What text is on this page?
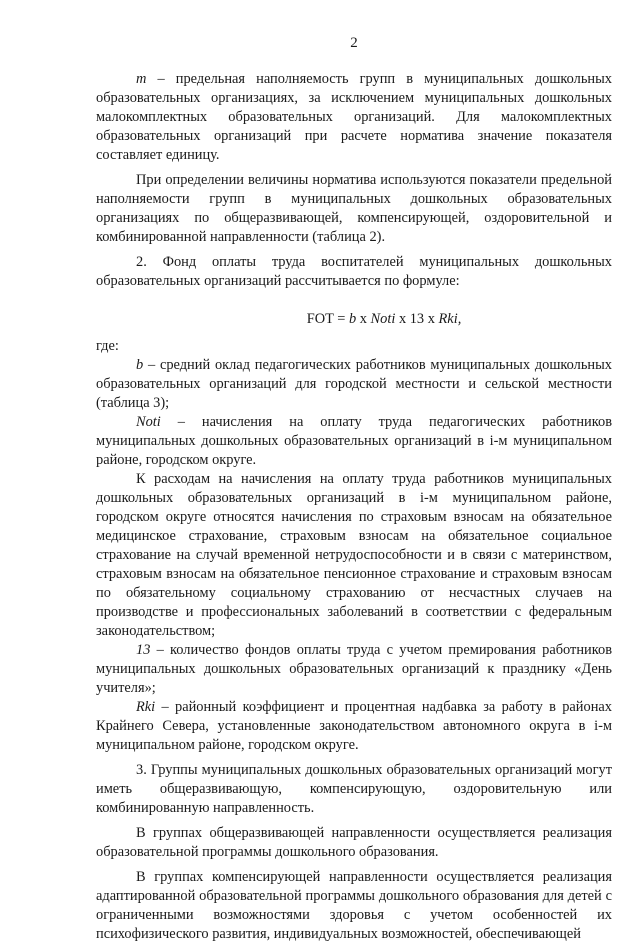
2

m – предельная наполняемость групп в муниципальных дошкольных образовательных организациях, за исключением муниципальных дошкольных малокомплектных образовательных организаций. Для малокомплектных образовательных организаций при расчете норматива значение показателя составляет единицу.

При определении величины норматива используются показатели предельной наполняемости групп в муниципальных дошкольных образовательных организациях по общеразвивающей, компенсирующей, оздоровительной и комбинированной направленности (таблица 2).

2. Фонд оплаты труда воспитателей муниципальных дошкольных образовательных организаций рассчитывается по формуле:

FOT = b x Noti x 13 x Rki,

где:

b – средний оклад педагогических работников муниципальных дошкольных образовательных организаций для городской местности и сельской местности (таблица 3);

Noti – начисления на оплату труда педагогических работников муниципальных дошкольных образовательных организаций в i-м муниципальном районе, городском округе.

К расходам на начисления на оплату труда работников муниципальных дошкольных образовательных организаций в i-м муниципальном районе, городском округе относятся начисления по страховым взносам на обязательное медицинское страхование, страховым взносам на обязательное социальное страхование на случай временной нетрудоспособности и в связи с материнством, страховым взносам на обязательное пенсионное страхование и страховым взносам по обязательному социальному страхованию от несчастных случаев на производстве и профессиональных заболеваний в соответствии с федеральным законодательством;

13 – количество фондов оплаты труда с учетом премирования работников муниципальных дошкольных образовательных организаций к празднику «День учителя»;

Rki – районный коэффициент и процентная надбавка за работу в районах Крайнего Севера, установленные законодательством автономного округа в i-м муниципальном районе, городском округе.

3. Группы муниципальных дошкольных образовательных организаций могут иметь общеразвивающую, компенсирующую, оздоровительную или комбинированную направленность.

В группах общеразвивающей направленности осуществляется реализация образовательной программы дошкольного образования.

В группах компенсирующей направленности осуществляется реализация адаптированной образовательной программы дошкольного образования для детей с ограниченными возможностями здоровья с учетом особенностей их психофизического развития, индивидуальных возможностей, обеспечивающей
